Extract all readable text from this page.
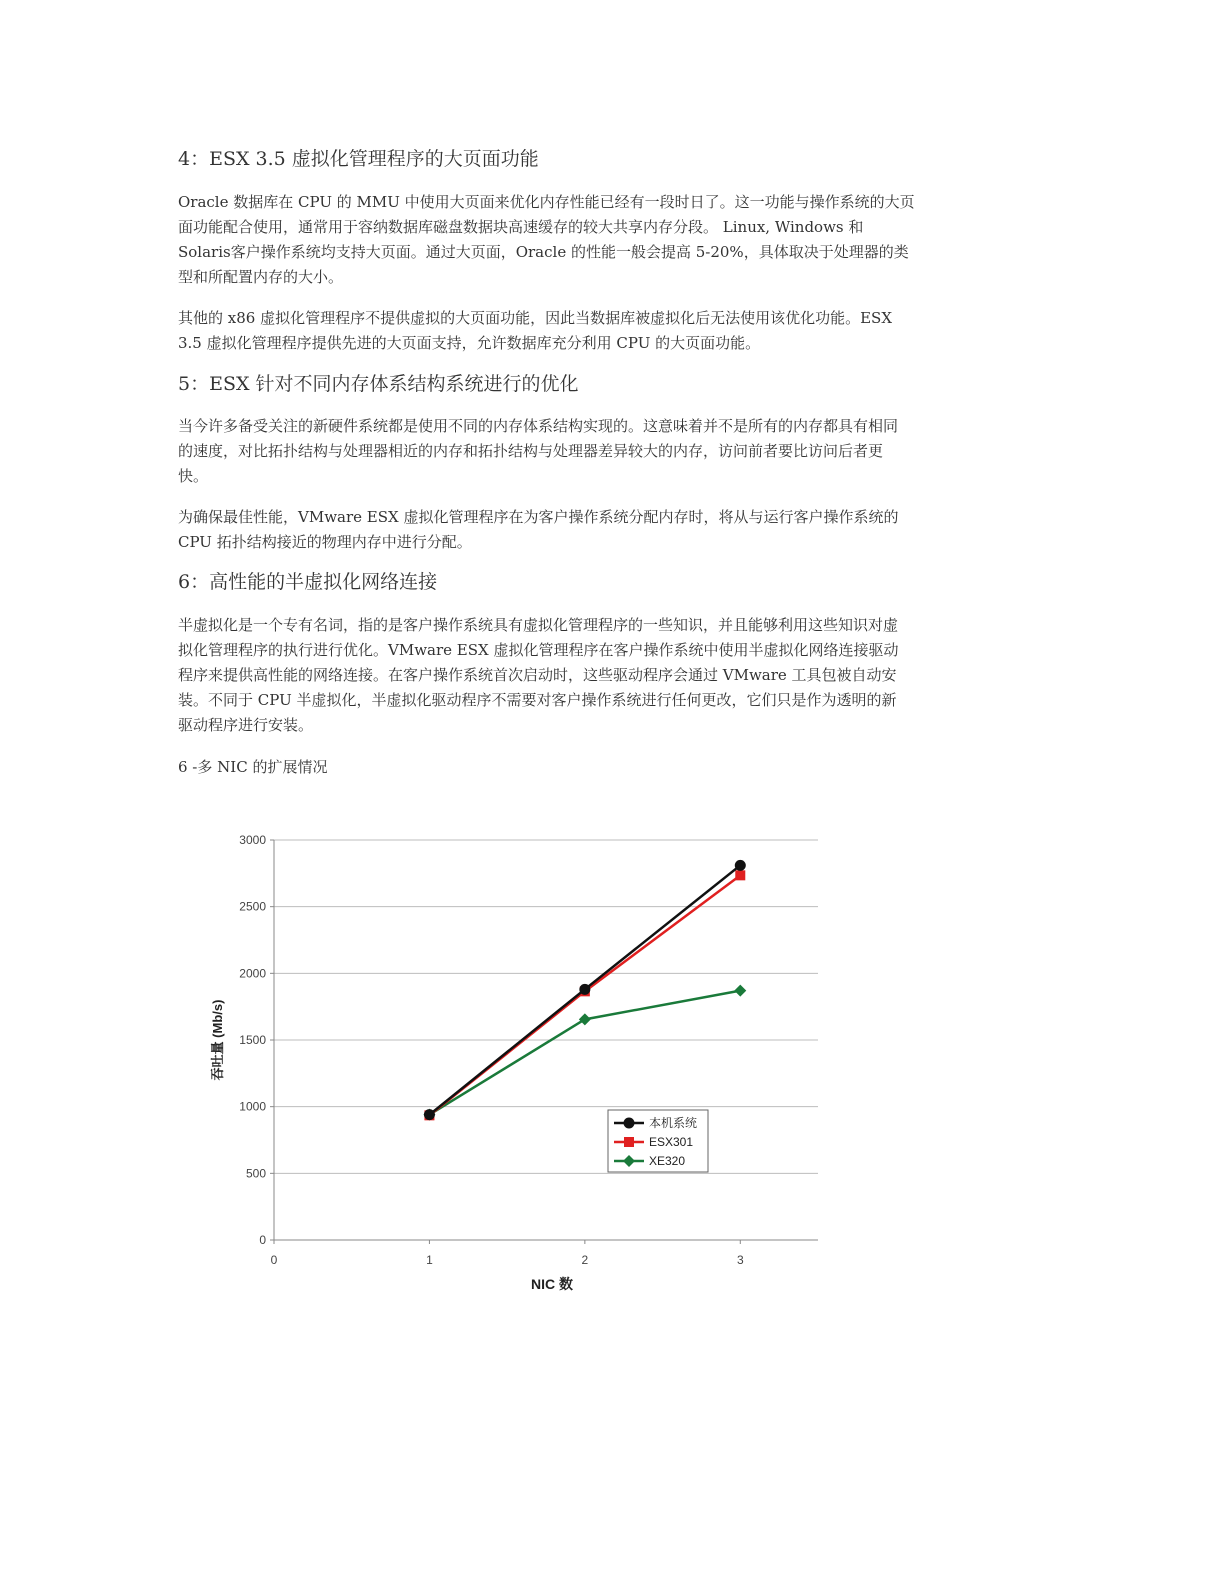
4：ESX 3.5 虚拟化管理程序的大页面功能
Oracle 数据库在 CPU 的 MMU 中使用大页面来优化内存性能已经有一段时日了。这一功能与操作系统的大页
面功能配合使用，通常用于容纳数据库磁盘数据块高速缓存的较大共享内存分段。 Linux, Windows 和
Solaris客户操作系统均支持大页面。通过大页面，Oracle 的性能一般会提高 5-20%，具体取决于处理器的类
型和所配置内存的大小。
其他的 x86 虚拟化管理程序不提供虚拟的大页面功能，因此当数据库被虚拟化后无法使用该优化功能。ESX
3.5 虚拟化管理程序提供先进的大页面支持，允许数据库充分利用 CPU 的大页面功能。
5：ESX 针对不同内存体系结构系统进行的优化
当今许多备受关注的新硬件系统都是使用不同的内存体系结构实现的。这意味着并不是所有的内存都具有相同
的速度，对比拓扑结构与处理器相近的内存和拓扑结构与处理器差异较大的内存，访问前者要比访问后者更
快。
为确保最佳性能，VMware ESX 虚拟化管理程序在为客户操作系统分配内存时，将从与运行客户操作系统的
CPU 拓扑结构接近的物理内存中进行分配。
6：高性能的半虚拟化网络连接
半虚拟化是一个专有名词，指的是客户操作系统具有虚拟化管理程序的一些知识，并且能够利用这些知识对虚
拟化管理程序的执行进行优化。VMware ESX 虚拟化管理程序在客户操作系统中使用半虚拟化网络连接驱动
程序来提供高性能的网络连接。在客户操作系统首次启动时，这些驱动程序会通过 VMware 工具包被自动安
装。不同于 CPU 半虚拟化，半虚拟化驱动程序不需要对客户操作系统进行任何更改，它们只是作为透明的新
驱动程序进行安装。
6 -多 NIC 的扩展情况
0
500
1000
1500
2000
2500
3000
0	1	2	3
NIC 数
吞吐量 (Mb/s)
本机系统
ESX301
XE320
